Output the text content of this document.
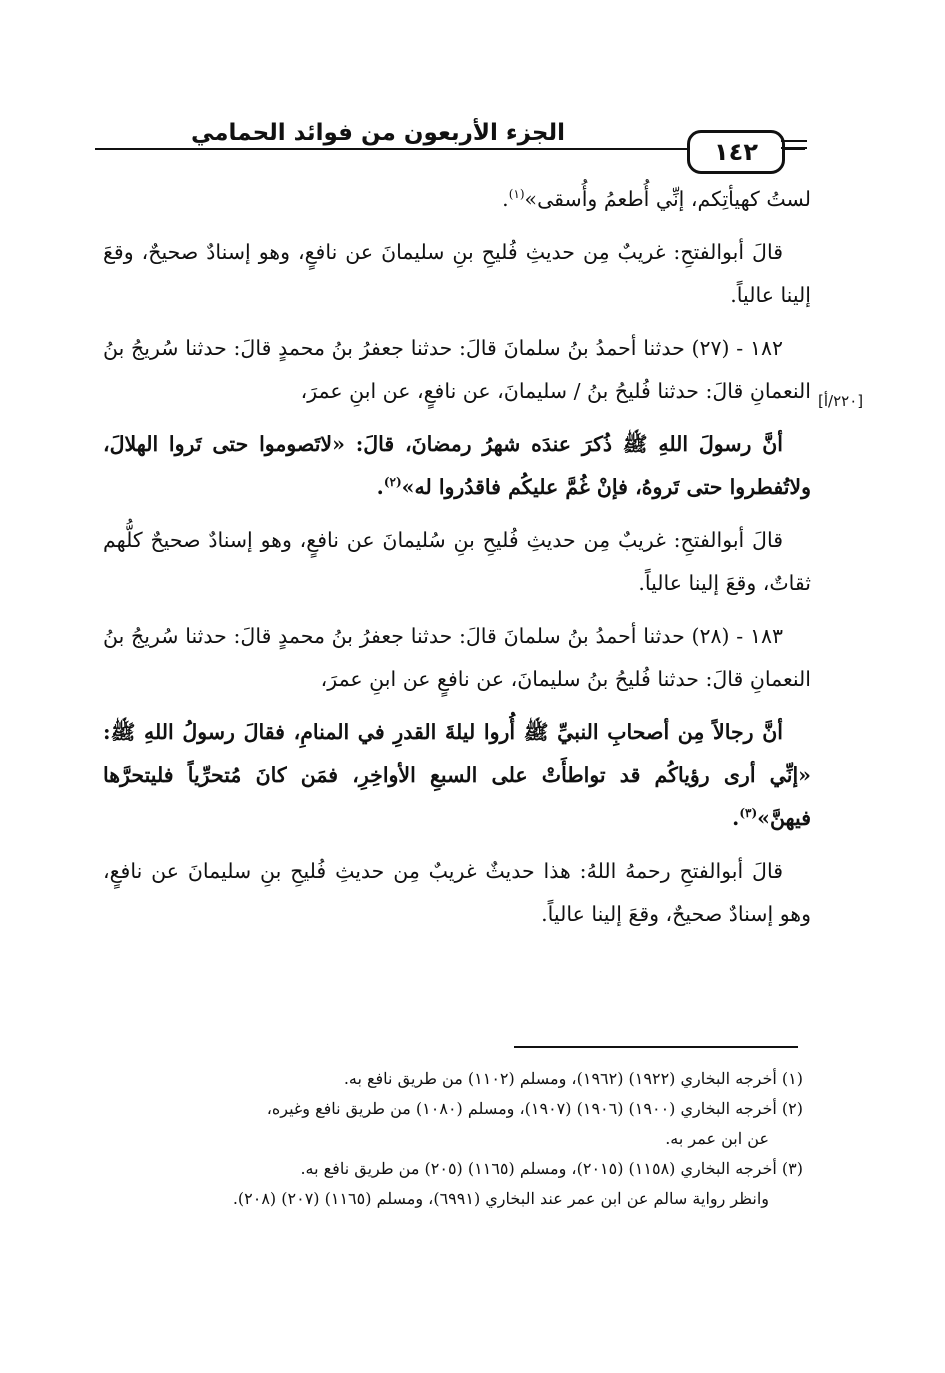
الجزء الأربعون من فوائد الحمامي
١٤٢
[٢٢٠/أ]

لستُ كهيأتِكم، إنِّي أُطعمُ وأُسقى»$^{(١)}$.

قالَ أبوالفتحِ: غريبٌ مِن حديثِ فُليحِ بنِ سليمانَ عن نافعٍ، وهو إسنادٌ صحيحٌ، وقعَ إلينا عالياً.

١٨٢ - (٢٧) حدثنا أحمدُ بنُ سلمانَ قالَ: حدثنا جعفرُ بنُ محمدٍ قالَ: حدثنا سُريجُ بنُ النعمانِ قالَ: حدثنا فُليحُ بنُ / سليمانَ، عن نافعٍ، عن ابنِ عمرَ،

أنَّ رسولَ اللهِ ﷺ ذُكرَ عندَه شهرُ رمضانَ، قالَ: «لاتَصوموا حتى تَروا الهلالَ، ولاتُفطروا حتى تَروهُ، فإنْ غُمَّ عليكُم فاقدُروا له»$^{(٢)}$.

قالَ أبوالفتحِ: غريبٌ مِن حديثِ فُليحِ بنِ سُليمانَ عن نافعٍ، وهو إسنادٌ صحيحٌ كلُّهم ثقاتٌ، وقعَ إلينا عالياً.

١٨٣ - (٢٨) حدثنا أحمدُ بنُ سلمانَ قالَ: حدثنا جعفرُ بنُ محمدٍ قالَ: حدثنا سُريجُ بنُ النعمانِ قالَ: حدثنا فُليحُ بنُ سليمانَ، عن نافعٍ عن ابنِ عمرَ،

أنَّ رجالاً مِن أصحابِ النبيِّ ﷺ أُروا ليلةَ القدرِ في المنامِ، فقالَ رسولُ اللهِ ﷺ: «إنِّي أرى رؤياكُم قد تواطأَتْ على السبعِ الأواخِرِ، فمَن كانَ مُتحرِّياً فليتحرَّها فيهنَّ»$^{(٣)}$.

قالَ أبوالفتحِ رحمهُ اللهُ: هذا حديثٌ غريبٌ مِن حديثِ فُليحِ بنِ سليمانَ عن نافعٍ، وهو إسنادٌ صحيحٌ، وقعَ إلينا عالياً.

(١) أخرجه البخاري (١٩٢٢) (١٩٦٢)، ومسلم (١١٠٢) من طريق نافع به.

(٢) أخرجه البخاري (١٩٠٠) (١٩٠٦) (١٩٠٧)، ومسلم (١٠٨٠) من طريق نافع وغيره،

عن ابن عمر به.

(٣) أخرجه البخاري (١١٥٨) (٢٠١٥)، ومسلم (١١٦٥) (٢٠٥) من طريق نافع به.

وانظر رواية سالم عن ابن عمر عند البخاري (٦٩٩١)، ومسلم (١١٦٥) (٢٠٧) (٢٠٨).
